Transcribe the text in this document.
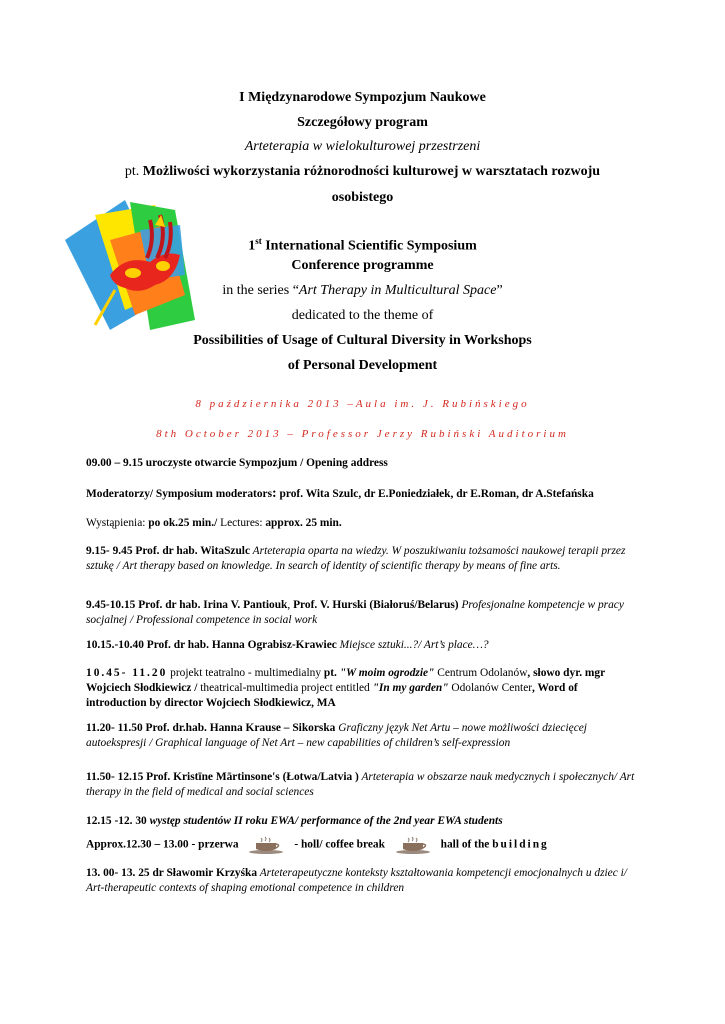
I Międzynarodowe Sympozjum Naukowe
Szczegółowy program
Arteterapia w wielokulturowej przestrzeni
pt. Możliwości wykorzystania różnorodności kulturowej w warsztatach rozwoju
osobistego
1st International Scientific Symposium
Conference programme
in the series “Art Therapy in Multicultural Space”
dedicated to the theme of
Possibilities of Usage of Cultural Diversity in Workshops
of Personal Development
8 października 2013 –Aula im. J. Rubińskiego
8th October 2013 – Professor Jerzy Rubiński Auditorium
09.00 – 9.15 uroczyste otwarcie Sympozjum / Opening address
Moderatorzy/ Symposium moderators: prof. Wita Szulc, dr E.Poniedziałek, dr E.Roman, dr A.Stefańska
Wystąpienia: po ok.25 min./ Lectures: approx. 25 min.
9.15- 9.45 Prof. dr hab. WitaSzulc Arteterapia oparta na wiedzy. W poszukiwaniu tożsamości naukowej terapii przez sztukę / Art therapy based on knowledge. In search of identity of scientific therapy by means of fine arts.
9.45-10.15 Prof. dr hab. Irina V. Pantiouk, Prof. V. Hurski (Białoruś/Belarus) Profesjonalne kompetencje w pracy socjalnej / Professional competence in social work
10.15.-10.40 Prof. dr hab. Hanna Ograbisz-Krawiec Miejsce sztuki...?/ Art’s place…?
10.45- 11.20 projekt teatralno - multimedialny pt. "W moim ogrodzie" Centrum Odolanów, słowo dyr. mgr Wojciech Słodkiewicz / theatrical-multimedia project entitled "In my garden" Odolanów Center, Word of introduction by director Wojciech Słodkiewicz, MA
11.20- 11.50 Prof. dr.hab. Hanna Krause – Sikorska Graficzny język Net Artu – nowe możliwości dziecięcej autoekspresji / Graphical language of Net Art – new capabilities of children’s self-expression
11.50- 12.15 Prof. Kristīne Mārtinsone's (Łotwa/Latvia ) Arteterapia w obszarze nauk medycznych i społecznych/ Art therapy in the field of medical and social sciences
12.15 -12. 30 występ studentów II roku EWA/ performance of the 2nd year EWA students
Approx.12.30 – 13.00 - przerwa	- holl/ coffee break	hall of the building
13. 00- 13. 25 dr Sławomir Krzyśka Arteterapeutyczne konteksty kształtowania kompetencji emocjonalnych u dziec i/ Art-therapeutic contexts of shaping emotional competence in children
